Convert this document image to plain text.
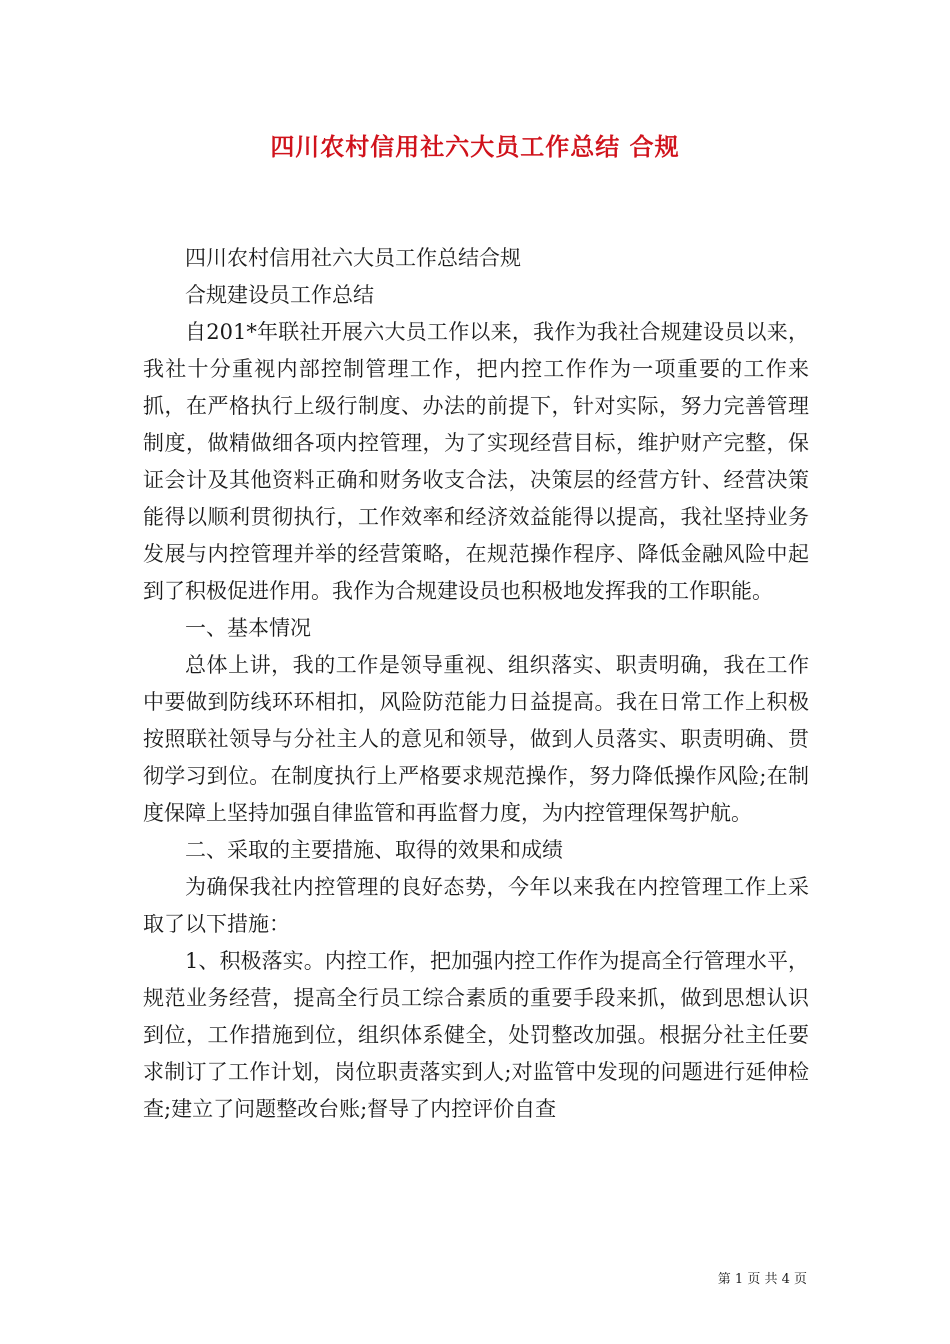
四川农村信用社六大员工作总结 合规

四川农村信用社六大员工作总结合规

合规建设员工作总结

自201*年联社开展六大员工作以来，我作为我社合规建设员以来，我社十分重视内部控制管理工作，把内控工作作为一项重要的工作来抓，在严格执行上级行制度、办法的前提下，针对实际，努力完善管理制度，做精做细各项内控管理，为了实现经营目标，维护财产完整，保证会计及其他资料正确和财务收支合法，决策层的经营方针、经营决策能得以顺利贯彻执行，工作效率和经济效益能得以提高，我社坚持业务发展与内控管理并举的经营策略，在规范操作程序、降低金融风险中起到了积极促进作用。我作为合规建设员也积极地发挥我的工作职能。

一、基本情况

总体上讲，我的工作是领导重视、组织落实、职责明确，我在工作中要做到防线环环相扣，风险防范能力日益提高。我在日常工作上积极按照联社领导与分社主人的意见和领导，做到人员落实、职责明确、贯彻学习到位。在制度执行上严格要求规范操作，努力降低操作风险;在制度保障上坚持加强自律监管和再监督力度，为内控管理保驾护航。

二、采取的主要措施、取得的效果和成绩

为确保我社内控管理的良好态势，今年以来我在内控管理工作上采取了以下措施：

1、积极落实。内控工作，把加强内控工作作为提高全行管理水平，规范业务经营，提高全行员工综合素质的重要手段来抓，做到思想认识到位，工作措施到位，组织体系健全，处罚整改加强。根据分社主任要求制订了工作计划，岗位职责落实到人;对监管中发现的问题进行延伸检查;建立了问题整改台账;督导了内控评价自查

第 1 页 共 4 页
